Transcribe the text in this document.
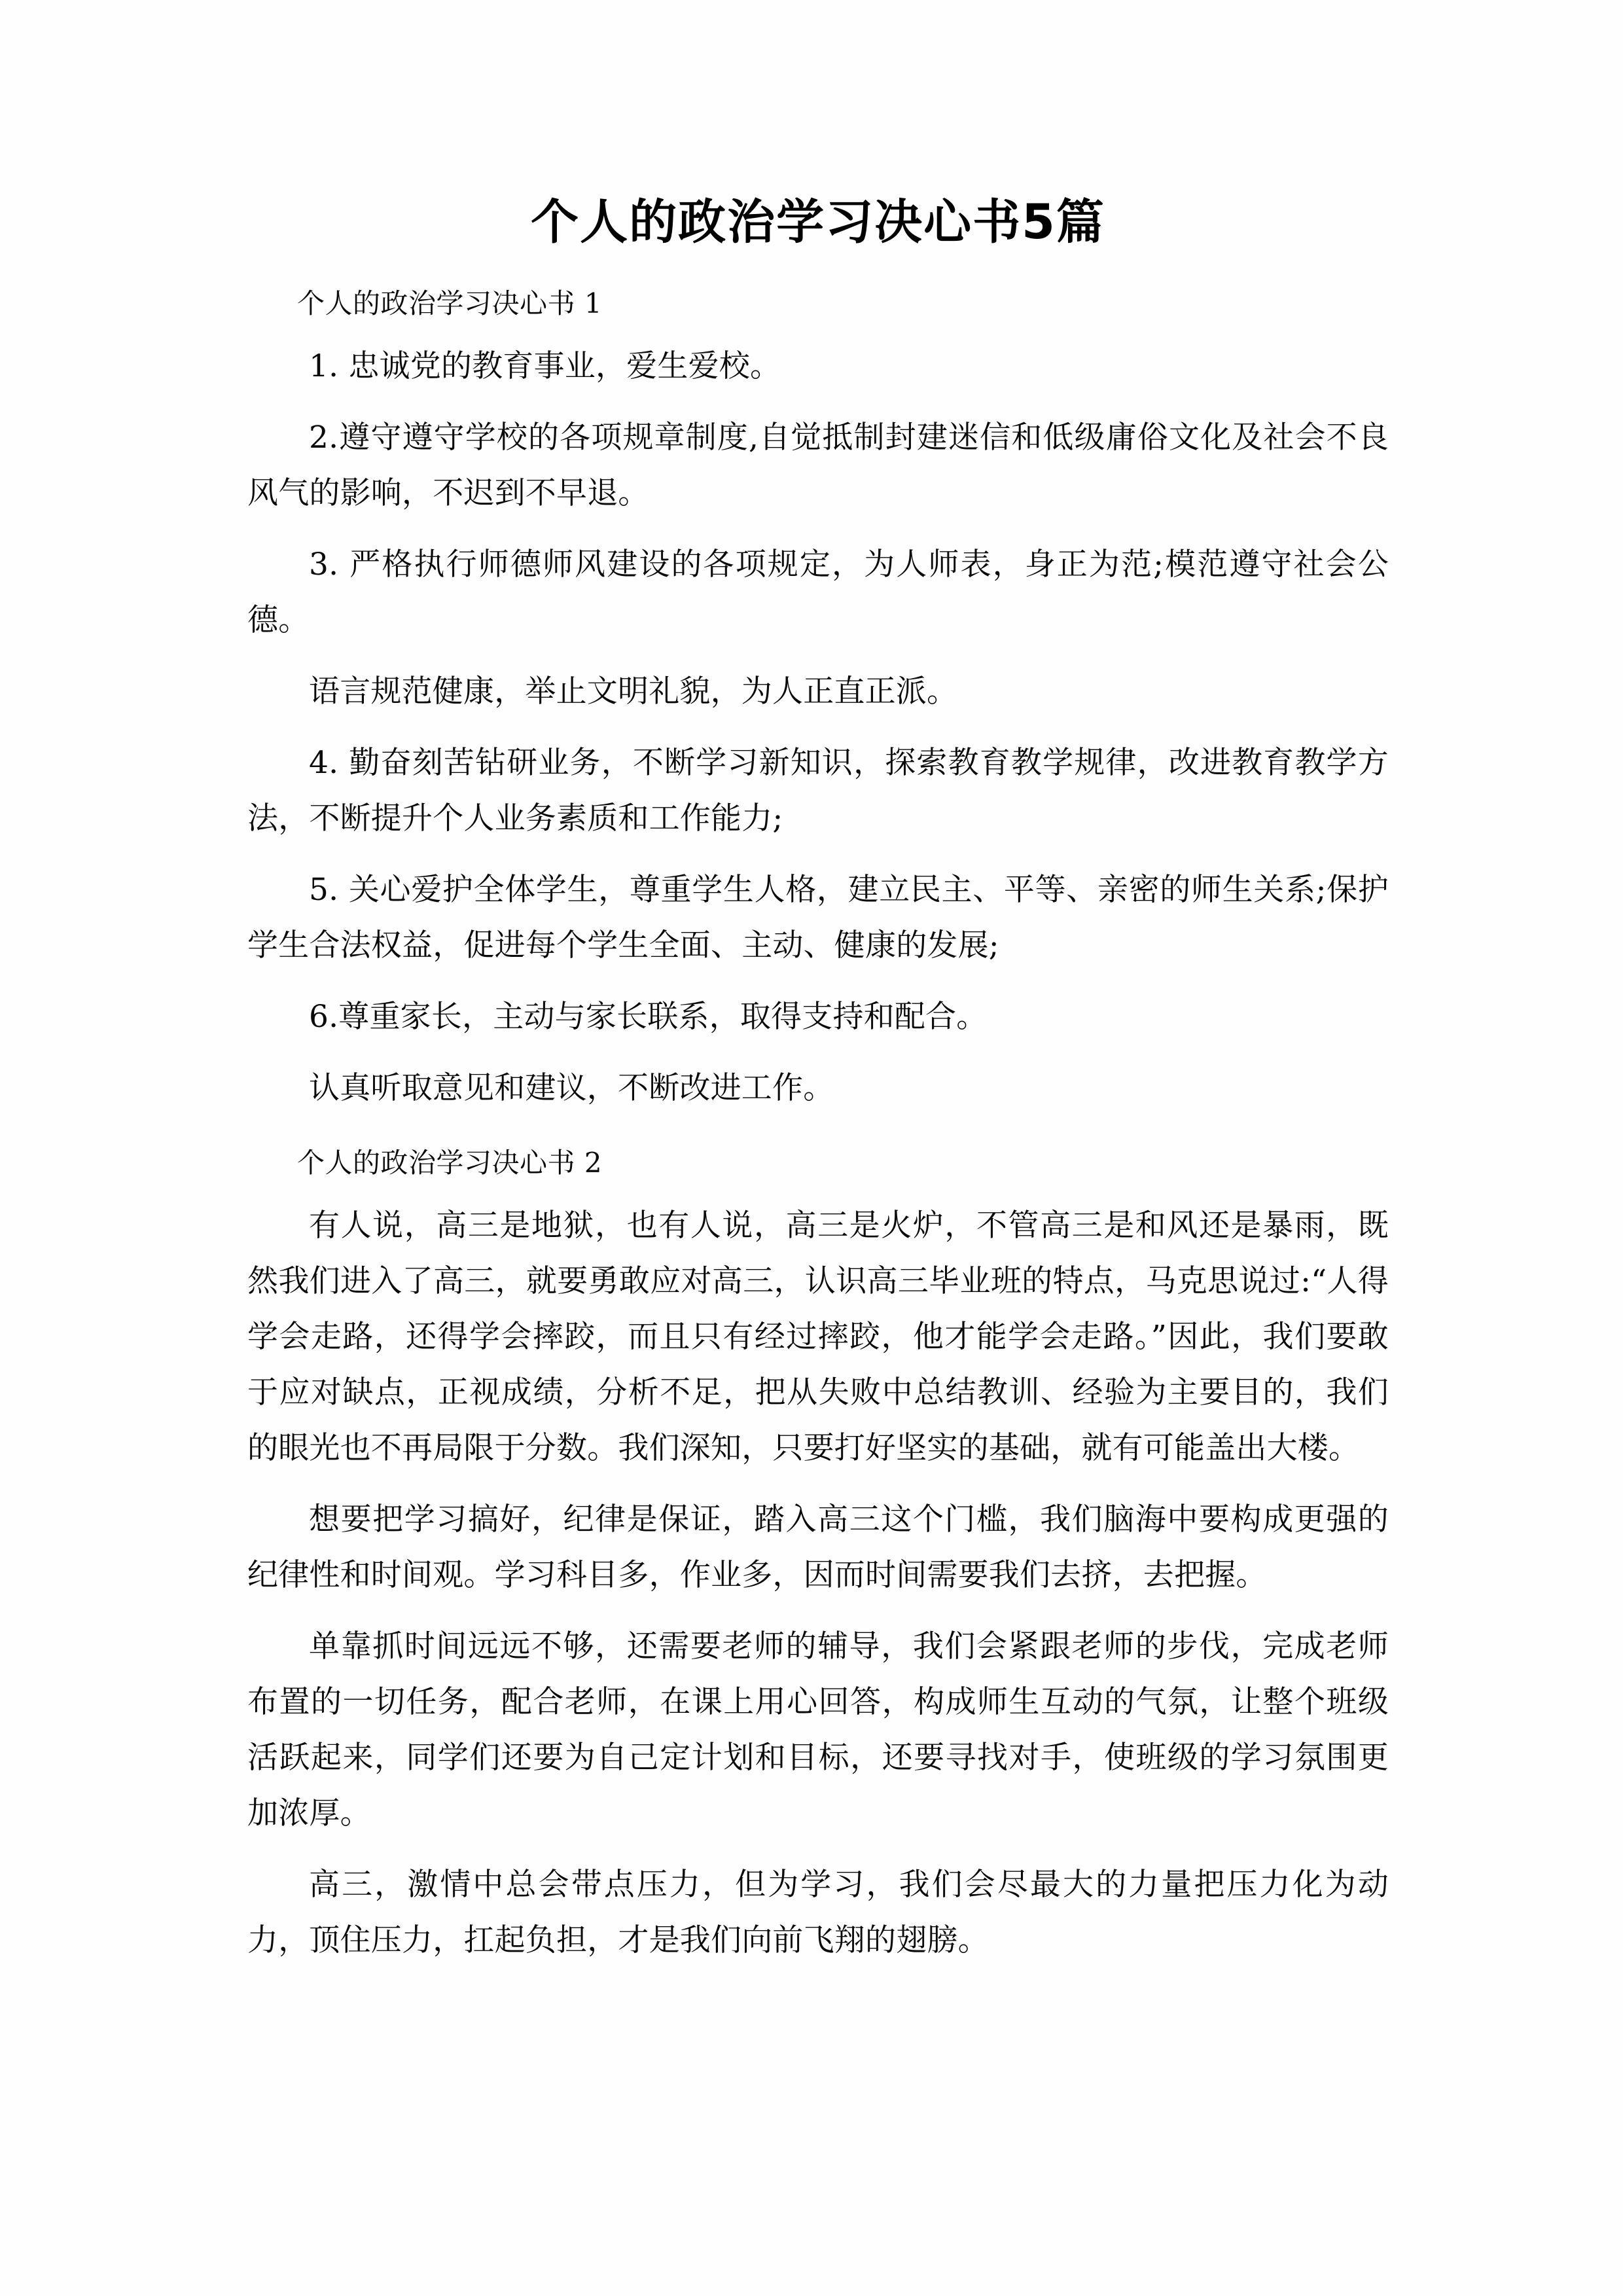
个人的政治学习决心书5篇

个人的政治学习决心书 1

1. 忠诚党的教育事业，爱生爱校。

2.遵守遵守学校的各项规章制度,自觉抵制封建迷信和低级庸俗文化及社会不良风气的影响，不迟到不早退。

3. 严格执行师德师风建设的各项规定，为人师表，身正为范;模范遵守社会公德。

语言规范健康，举止文明礼貌，为人正直正派。

4. 勤奋刻苦钻研业务，不断学习新知识，探索教育教学规律，改进教育教学方法，不断提升个人业务素质和工作能力;

5. 关心爱护全体学生，尊重学生人格，建立民主、平等、亲密的师生关系;保护学生合法权益，促进每个学生全面、主动、健康的发展;

6.尊重家长，主动与家长联系，取得支持和配合。

认真听取意见和建议，不断改进工作。

个人的政治学习决心书 2

有人说，高三是地狱，也有人说，高三是火炉，不管高三是和风还是暴雨，既然我们进入了高三，就要勇敢应对高三，认识高三毕业班的特点，马克思说过:“人得学会走路，还得学会摔跤，而且只有经过摔跤，他才能学会走路。”因此，我们要敢于应对缺点，正视成绩，分析不足，把从失败中总结教训、经验为主要目的，我们的眼光也不再局限于分数。我们深知，只要打好坚实的基础，就有可能盖出大楼。

想要把学习搞好，纪律是保证，踏入高三这个门槛，我们脑海中要构成更强的纪律性和时间观。学习科目多，作业多，因而时间需要我们去挤，去把握。

单靠抓时间远远不够，还需要老师的辅导，我们会紧跟老师的步伐，完成老师布置的一切任务，配合老师，在课上用心回答，构成师生互动的气氛，让整个班级活跃起来，同学们还要为自己定计划和目标，还要寻找对手，使班级的学习氛围更加浓厚。

高三，激情中总会带点压力，但为学习，我们会尽最大的力量把压力化为动力，顶住压力，扛起负担，才是我们向前飞翔的翅膀。
